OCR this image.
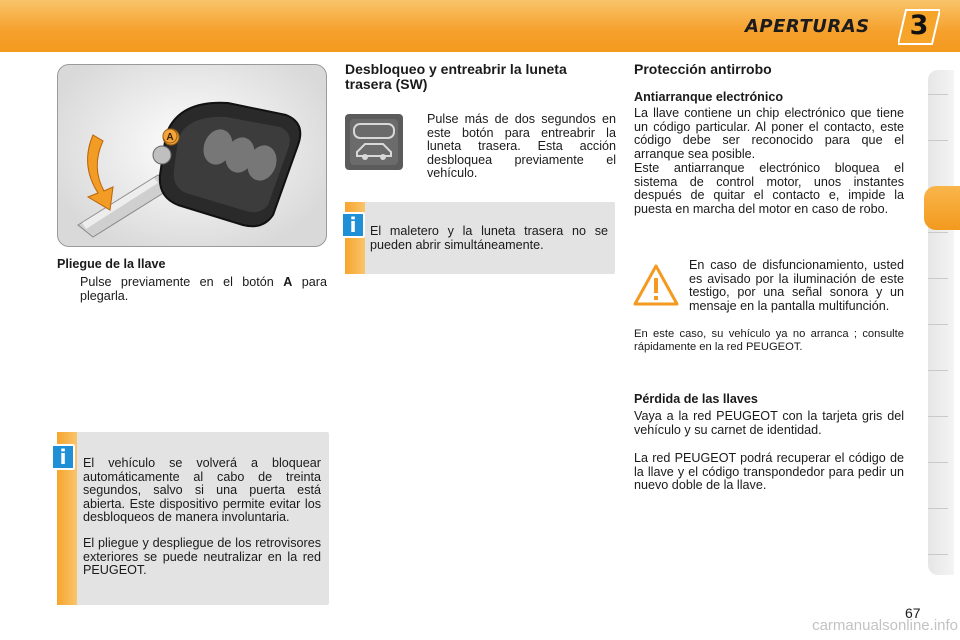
APERTURAS	3
A
Pliegue de la llave
Pulse previamente en el botón A para plegarla.
i	El vehículo se volverá a bloquear automáticamente al cabo de treinta segundos, salvo si una puerta está abierta. Este dispositivo permite evitar los desbloqueos de manera involuntaria.
El pliegue y despliegue de los retrovisores exteriores se puede neutralizar en la red PEUGEOT.
Desbloqueo y entreabrir la luneta trasera (SW)
Pulse más de dos segundos en este botón para entreabrir la luneta trasera. Esta acción desbloquea previamente el vehículo.
i	El maletero y la luneta trasera no se pueden abrir simultáneamente.
Protección antirrobo
Antiarranque electrónico
La llave contiene un chip electrónico que tiene un código particular. Al poner el contacto, este código debe ser reconocido para que el arranque sea posible.
Este antiarranque electrónico bloquea el sistema de control motor, unos instantes después de quitar el contacto e, impide la puesta en marcha del motor en caso de robo.
En caso de disfuncionamiento, usted es avisado por la iluminación de este testigo, por una señal sonora y un mensaje en la pantalla multifunción.
En este caso, su vehículo ya no arranca ; consulte rápidamente en la red PEUGEOT.
Pérdida de las llaves
Vaya a la red PEUGEOT con la tarjeta gris del vehículo y su carnet de identidad.
La red PEUGEOT podrá recuperar el código de la llave y el código transpondedor para pedir un nuevo doble de la llave.
67
carmanualsonline.info
